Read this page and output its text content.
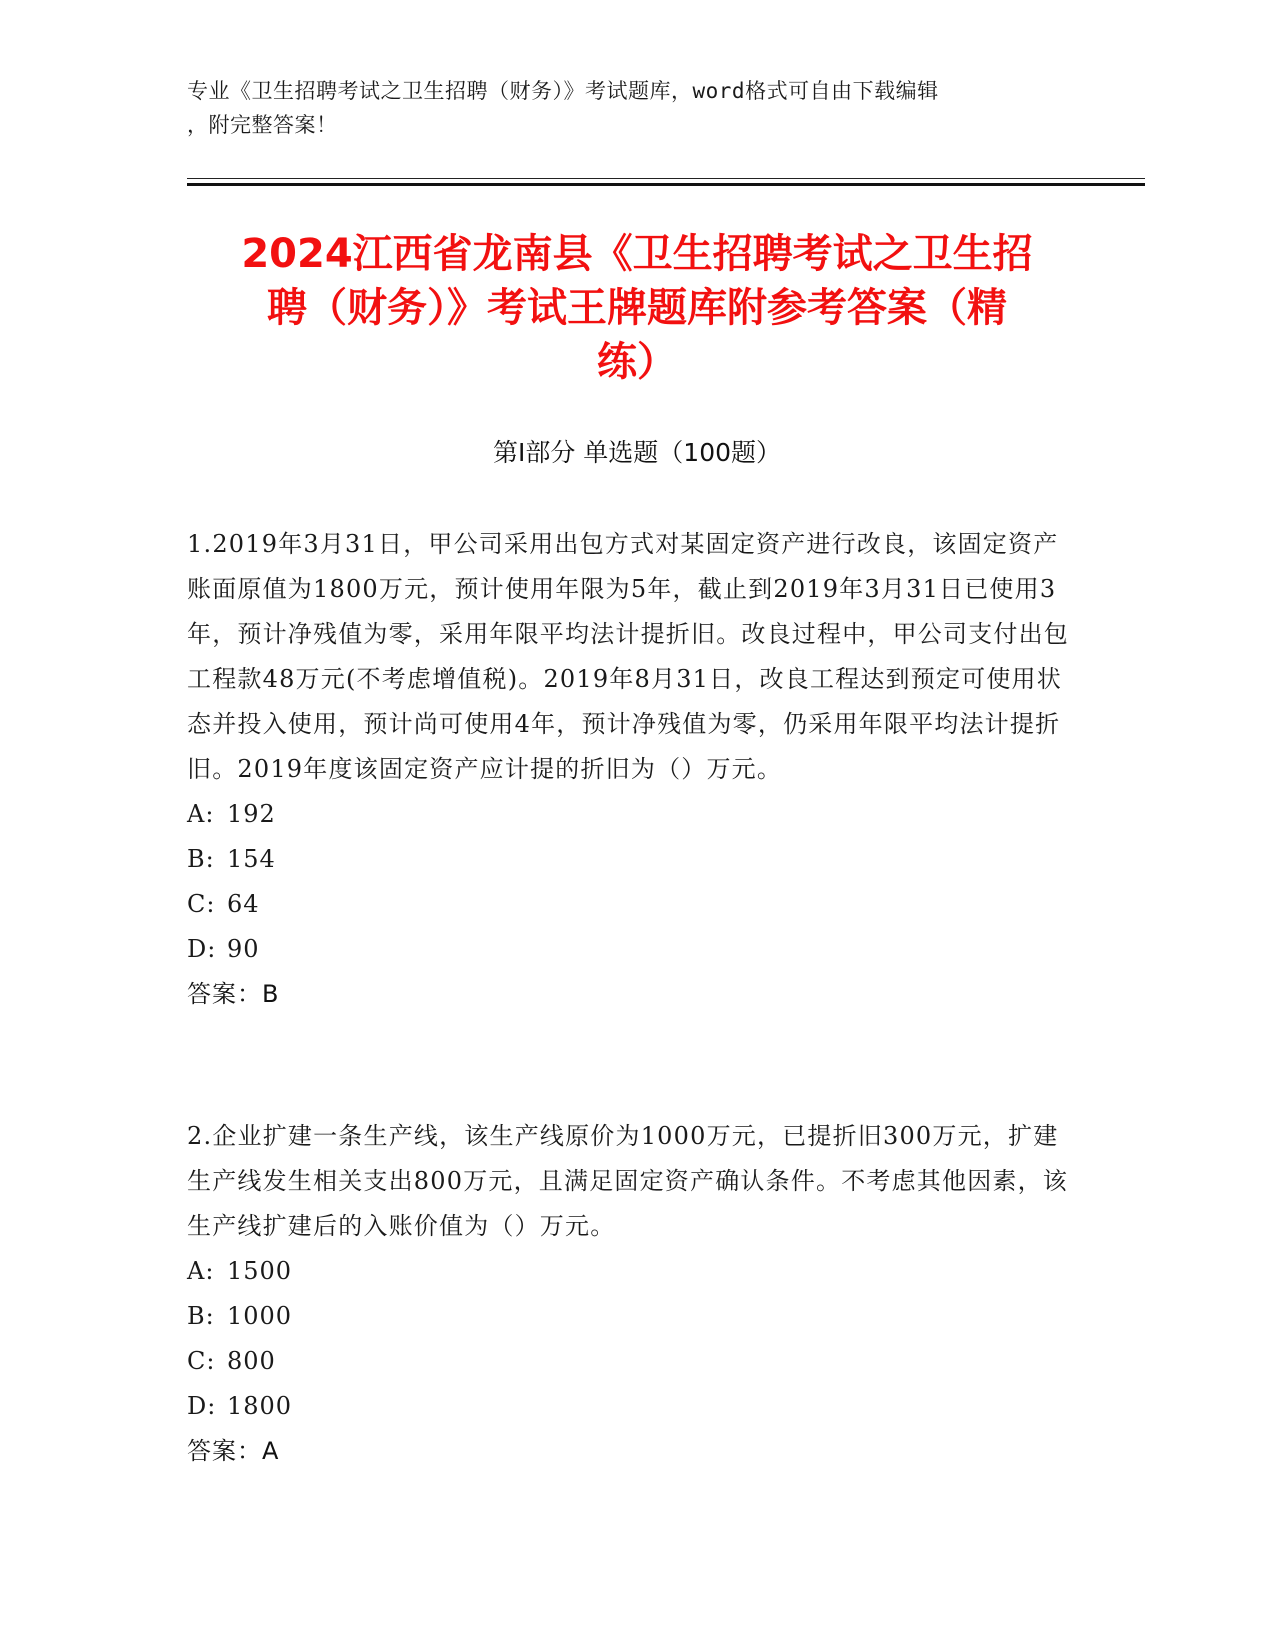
专业《卫生招聘考试之卫生招聘（财务）》考试题库，word格式可自由下载编辑
，附完整答案！
2024江西省龙南县《卫生招聘考试之卫生招
聘（财务）》考试王牌题库附参考答案（精
练）
第Ⅰ部分 单选题（100题）
1.2019年3月31日，甲公司采用出包方式对某固定资产进行改良，该固定资产账面原值为1800万元，预计使用年限为5年，截止到2019年3月31日已使用3年，预计净残值为零，采用年限平均法计提折旧。改良过程中，甲公司支付出包工程款48万元(不考虑增值税)。2019年8月31日，改良工程达到预定可使用状态并投入使用，预计尚可使用4年，预计净残值为零，仍采用年限平均法计提折旧。2019年度该固定资产应计提的折旧为（）万元。
A: 192
B: 154
C: 64
D: 90
答案：B
2.企业扩建一条生产线，该生产线原价为1000万元，已提折旧300万元，扩建生产线发生相关支出800万元，且满足固定资产确认条件。不考虑其他因素，该生产线扩建后的入账价值为（）万元。
A: 1500
B: 1000
C: 800
D: 1800
答案：A
